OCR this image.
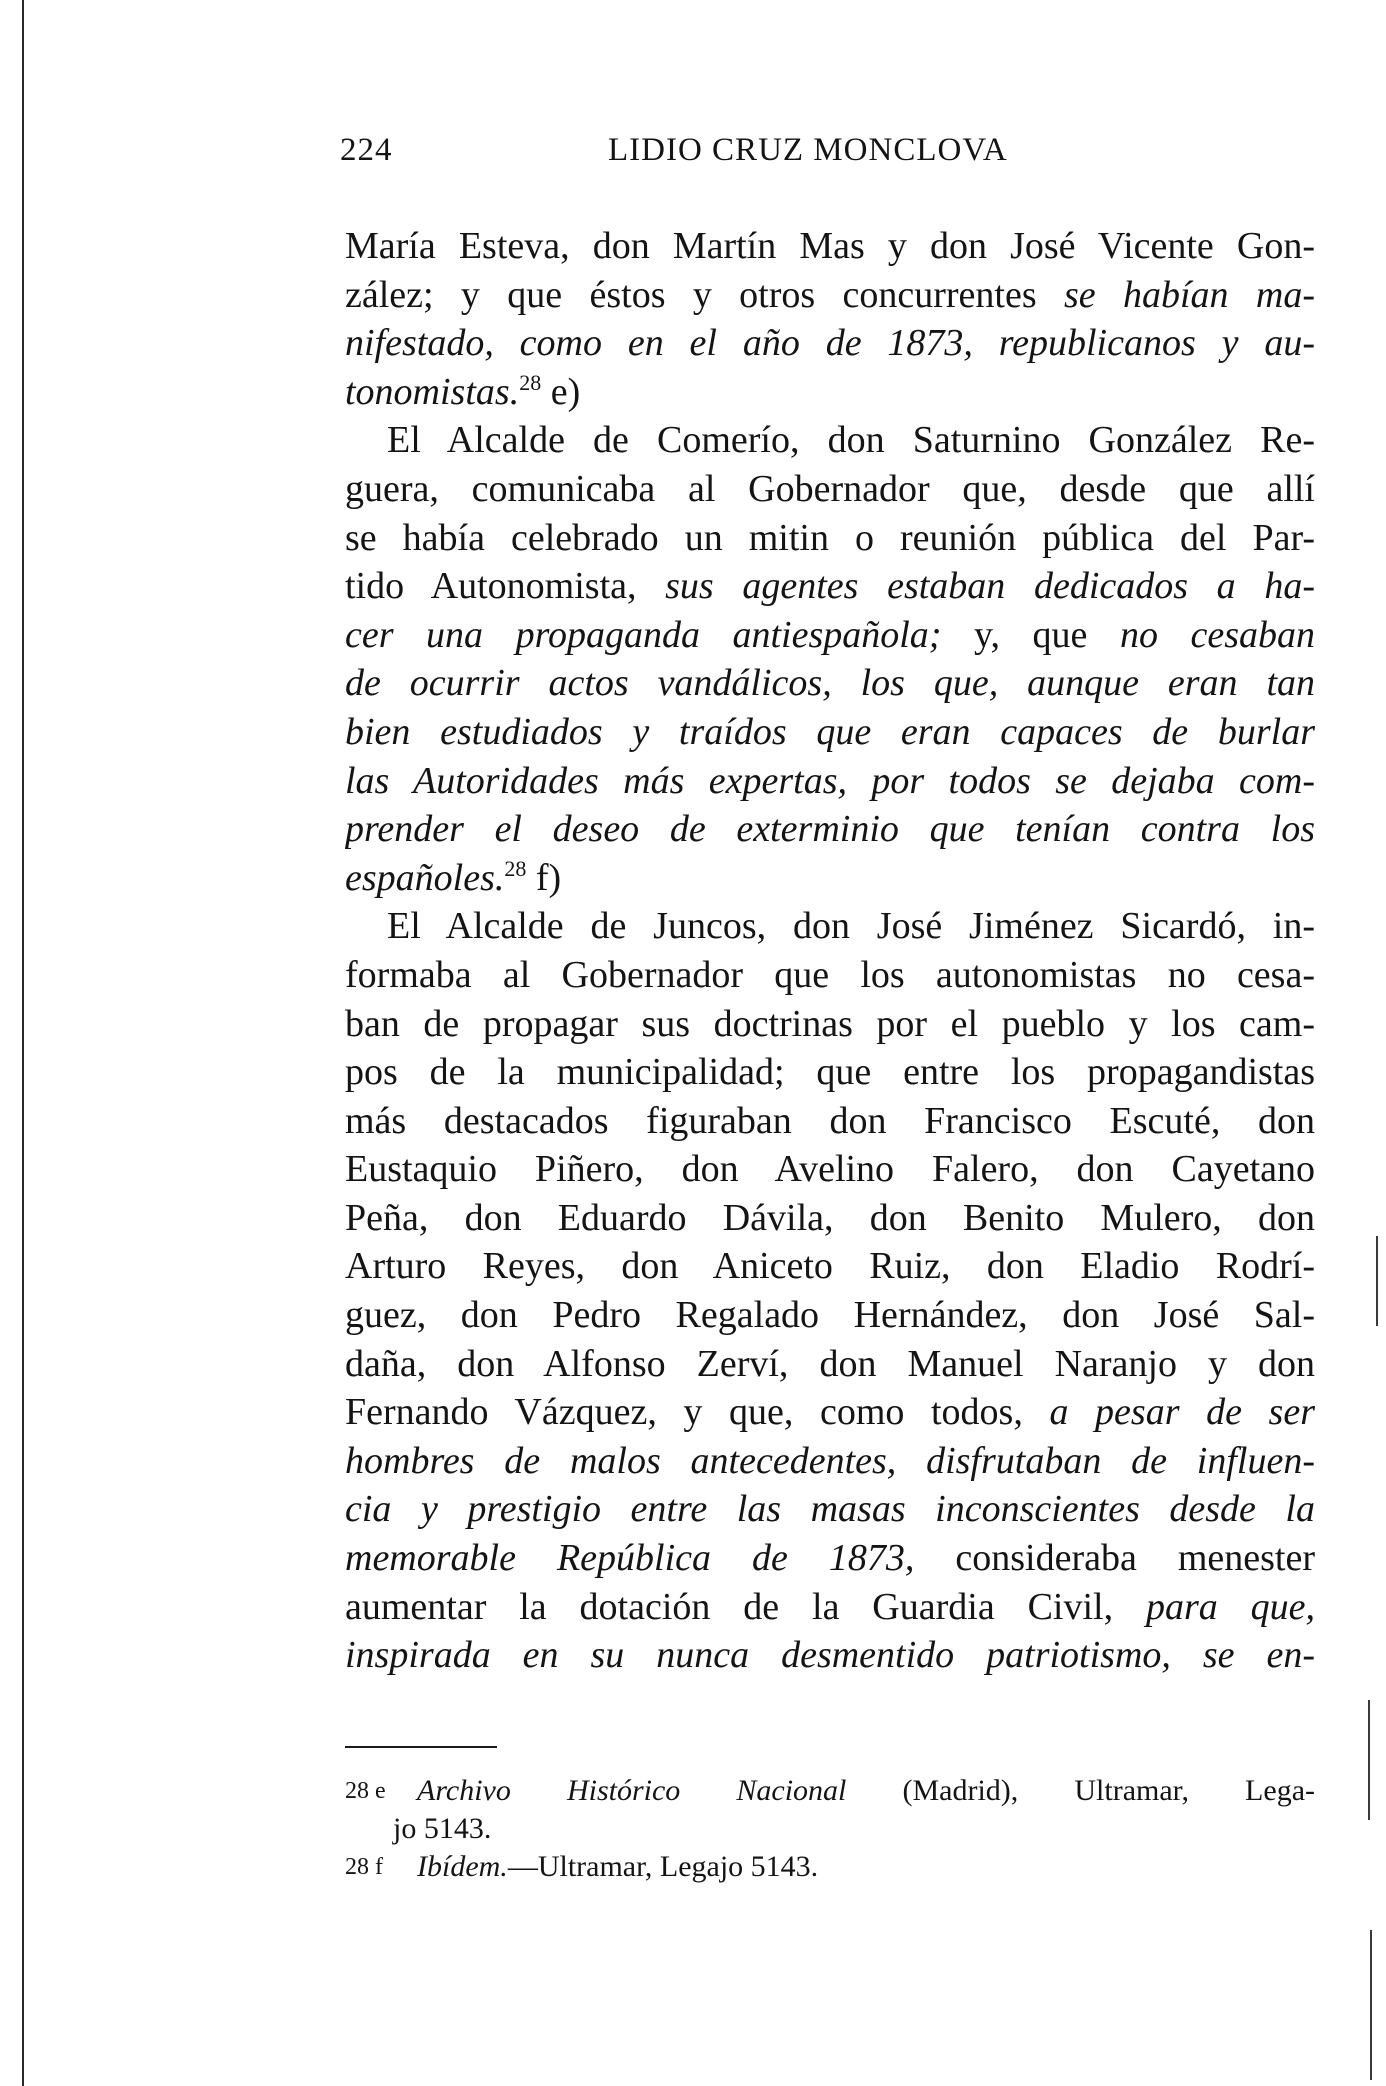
224	LIDIO CRUZ MONCLOVA
María Esteva, don Martín Mas y don José Vicente Gon-
zález; y que éstos y otros concurrentes se habían ma-
nifestado, como en el año de 1873, republicanos y au-
tonomistas.$^{28}$ e)
El Alcalde de Comerío, don Saturnino González Re-
guera, comunicaba al Gobernador que, desde que allí
se había celebrado un mitin o reunión pública del Par-
tido Autonomista, sus agentes estaban dedicados a ha-
cer una propaganda antiespañola; y, que no cesaban
de ocurrir actos vandálicos, los que, aunque eran tan
bien estudiados y traídos que eran capaces de burlar
las Autoridades más expertas, por todos se dejaba com-
prender el deseo de exterminio que tenían contra los
españoles.$^{28}$ f)
El Alcalde de Juncos, don José Jiménez Sicardó, in-
formaba al Gobernador que los autonomistas no cesa-
ban de propagar sus doctrinas por el pueblo y los cam-
pos de la municipalidad; que entre los propagandistas
más destacados figuraban don Francisco Escuté, don
Eustaquio Piñero, don Avelino Falero, don Cayetano
Peña, don Eduardo Dávila, don Benito Mulero, don
Arturo Reyes, don Aniceto Ruiz, don Eladio Rodrí-
guez, don Pedro Regalado Hernández, don José Sal-
daña, don Alfonso Zerví, don Manuel Naranjo y don
Fernando Vázquez, y que, como todos, a pesar de ser
hombres de malos antecedentes, disfrutaban de influen-
cia y prestigio entre las masas inconscientes desde la
memorable República de 1873, consideraba menester
aumentar la dotación de la Guardia Civil, para que,
inspirada en su nunca desmentido patriotismo, se en-
28 e Archivo Histórico Nacional (Madrid), Ultramar, Lega-
jo 5143.
28 f Ibídem.—Ultramar, Legajo 5143.
